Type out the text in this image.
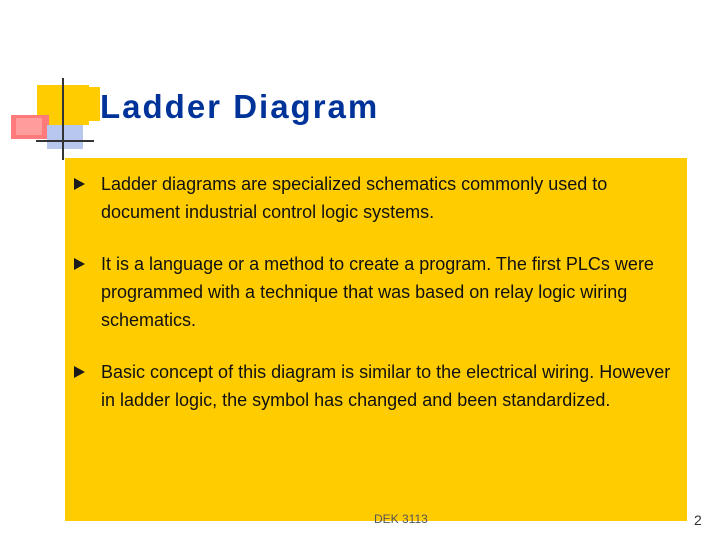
Ladder Diagram
Ladder diagrams are specialized schematics commonly used to document industrial control logic systems.
It is a language or a method to create a program. The first PLCs were programmed with a technique that was based on relay logic wiring schematics.
Basic concept of this diagram is similar to the electrical wiring. However in ladder logic, the symbol has changed and been standardized.
DEK 3113	2
